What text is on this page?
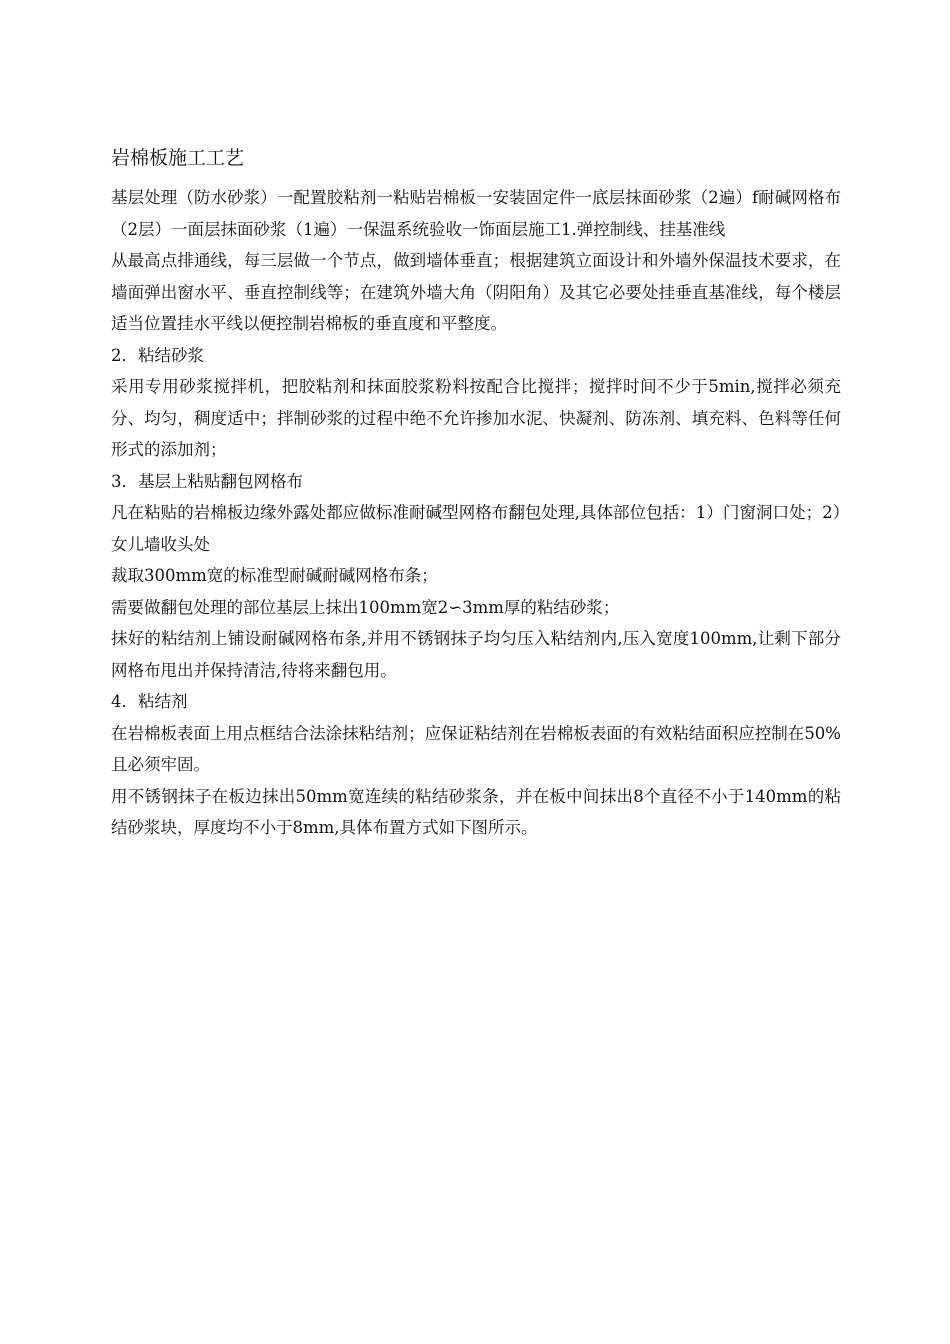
岩棉板施工工艺

基层处理（防水砂浆）一配置胶粘剂一粘贴岩棉板一安装固定件一底层抹面砂浆（2遍）f耐碱网格布（2层）一面层抹面砂浆（1遍）一保温系统验收一饰面层施工1.弹控制线、挂基准线

从最高点排通线，每三层做一个节点，做到墙体垂直；根据建筑立面设计和外墙外保温技术要求，在墙面弹出窗水平、垂直控制线等；在建筑外墙大角（阴阳角）及其它必要处挂垂直基准线，每个楼层适当位置挂水平线以便控制岩棉板的垂直度和平整度。

2．粘结砂浆

采用专用砂浆搅拌机，把胶粘剂和抹面胶浆粉料按配合比搅拌；搅拌时间不少于5min,搅拌必须充分、均匀，稠度适中；拌制砂浆的过程中绝不允许掺加水泥、快凝剂、防冻剂、填充料、色料等任何形式的添加剂；

3．基层上粘贴翻包网格布

凡在粘贴的岩棉板边缘外露处都应做标准耐碱型网格布翻包处理,具体部位包括：1）门窗洞口处；2）女儿墙收头处

裁取300mm宽的标准型耐碱耐碱网格布条；

需要做翻包处理的部位基层上抹出100mm宽2∽3mm厚的粘结砂浆；

抹好的粘结剂上铺设耐碱网格布条,并用不锈钢抹子均匀压入粘结剂内,压入宽度100mm,让剩下部分网格布甩出并保持清洁,待将来翻包用。

4．粘结剂

在岩棉板表面上用点框结合法涂抹粘结剂；应保证粘结剂在岩棉板表面的有效粘结面积应控制在50%且必须牢固。

用不锈钢抹子在板边抹出50mm宽连续的粘结砂浆条，并在板中间抹出8个直径不小于140mm的粘结砂浆块，厚度均不小于8mm,具体布置方式如下图所示。
